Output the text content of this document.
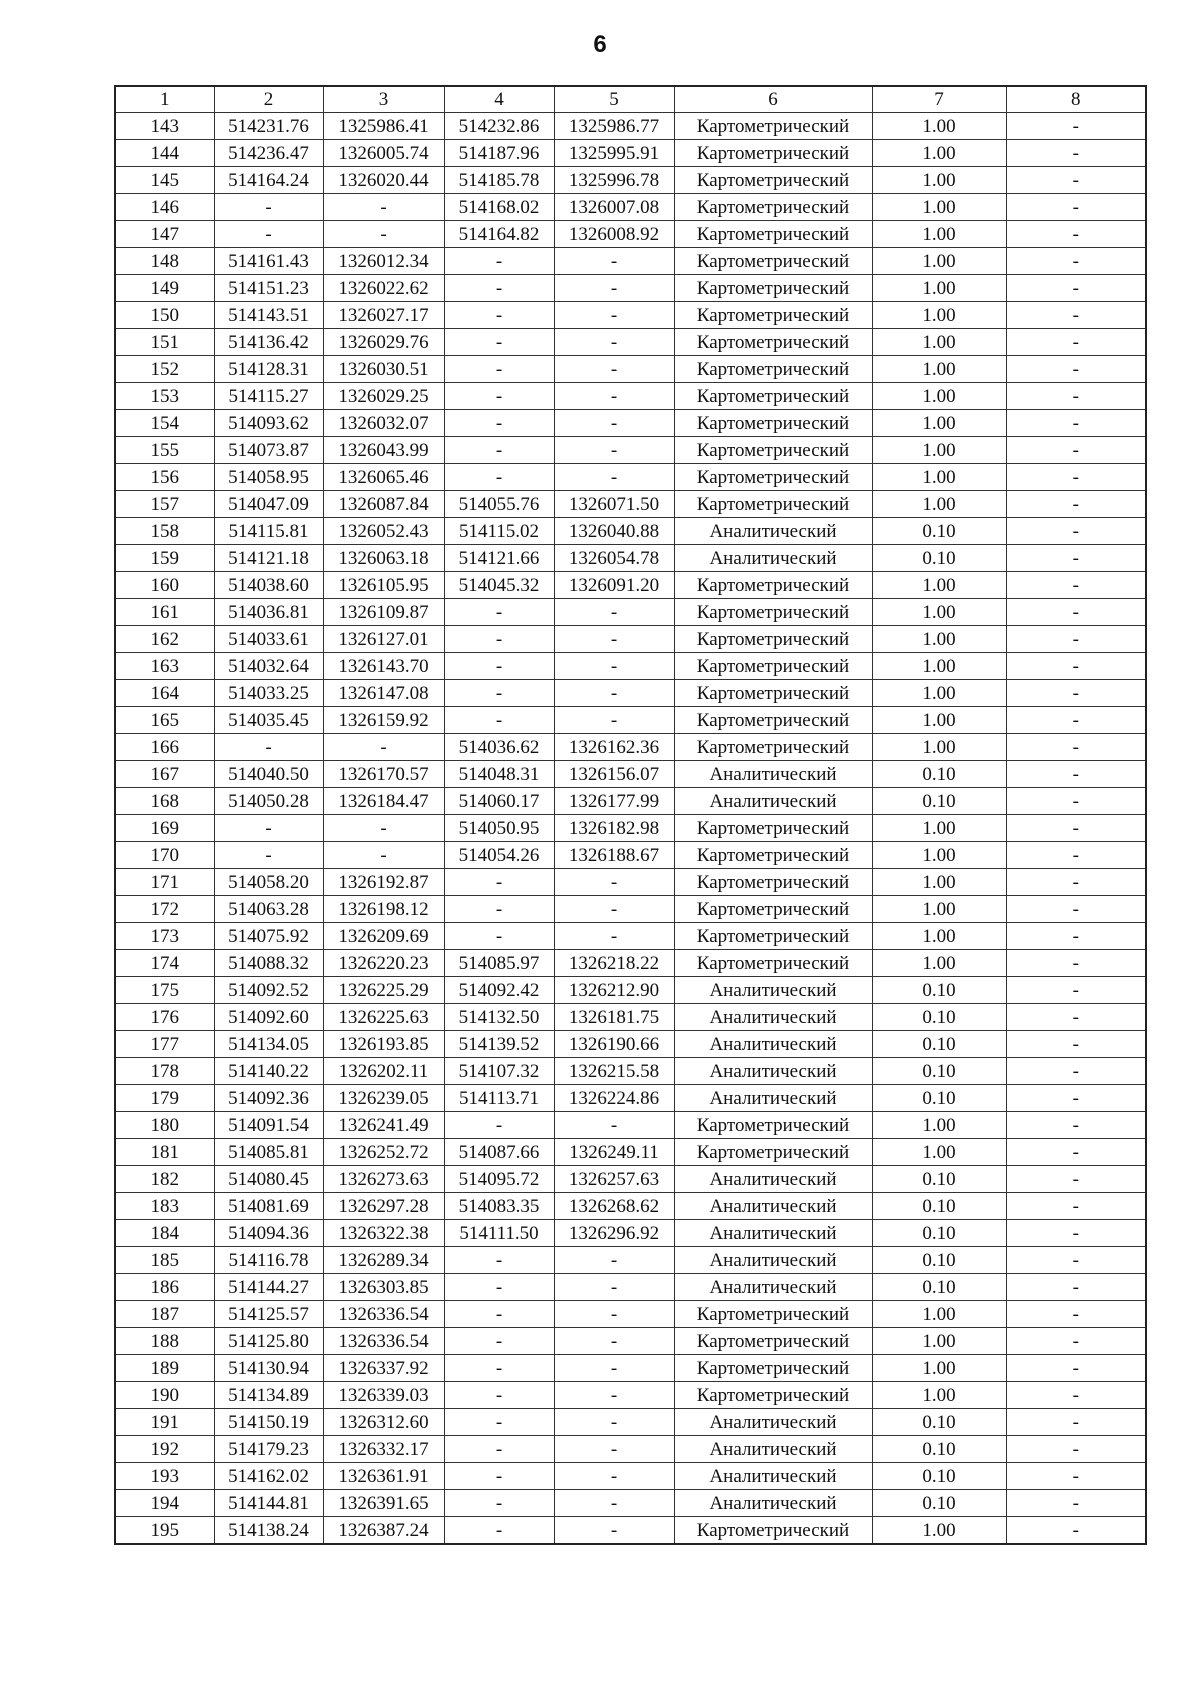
6
1	2	3	4	5	6	7	8
143	514231.76	1325986.41	514232.86	1325986.77	Картометрический	1.00	-
144	514236.47	1326005.74	514187.96	1325995.91	Картометрический	1.00	-
145	514164.24	1326020.44	514185.78	1325996.78	Картометрический	1.00	-
146	-	-	514168.02	1326007.08	Картометрический	1.00	-
147	-	-	514164.82	1326008.92	Картометрический	1.00	-
148	514161.43	1326012.34	-	-	Картометрический	1.00	-
149	514151.23	1326022.62	-	-	Картометрический	1.00	-
150	514143.51	1326027.17	-	-	Картометрический	1.00	-
151	514136.42	1326029.76	-	-	Картометрический	1.00	-
152	514128.31	1326030.51	-	-	Картометрический	1.00	-
153	514115.27	1326029.25	-	-	Картометрический	1.00	-
154	514093.62	1326032.07	-	-	Картометрический	1.00	-
155	514073.87	1326043.99	-	-	Картометрический	1.00	-
156	514058.95	1326065.46	-	-	Картометрический	1.00	-
157	514047.09	1326087.84	514055.76	1326071.50	Картометрический	1.00	-
158	514115.81	1326052.43	514115.02	1326040.88	Аналитический	0.10	-
159	514121.18	1326063.18	514121.66	1326054.78	Аналитический	0.10	-
160	514038.60	1326105.95	514045.32	1326091.20	Картометрический	1.00	-
161	514036.81	1326109.87	-	-	Картометрический	1.00	-
162	514033.61	1326127.01	-	-	Картометрический	1.00	-
163	514032.64	1326143.70	-	-	Картометрический	1.00	-
164	514033.25	1326147.08	-	-	Картометрический	1.00	-
165	514035.45	1326159.92	-	-	Картометрический	1.00	-
166	-	-	514036.62	1326162.36	Картометрический	1.00	-
167	514040.50	1326170.57	514048.31	1326156.07	Аналитический	0.10	-
168	514050.28	1326184.47	514060.17	1326177.99	Аналитический	0.10	-
169	-	-	514050.95	1326182.98	Картометрический	1.00	-
170	-	-	514054.26	1326188.67	Картометрический	1.00	-
171	514058.20	1326192.87	-	-	Картометрический	1.00	-
172	514063.28	1326198.12	-	-	Картометрический	1.00	-
173	514075.92	1326209.69	-	-	Картометрический	1.00	-
174	514088.32	1326220.23	514085.97	1326218.22	Картометрический	1.00	-
175	514092.52	1326225.29	514092.42	1326212.90	Аналитический	0.10	-
176	514092.60	1326225.63	514132.50	1326181.75	Аналитический	0.10	-
177	514134.05	1326193.85	514139.52	1326190.66	Аналитический	0.10	-
178	514140.22	1326202.11	514107.32	1326215.58	Аналитический	0.10	-
179	514092.36	1326239.05	514113.71	1326224.86	Аналитический	0.10	-
180	514091.54	1326241.49	-	-	Картометрический	1.00	-
181	514085.81	1326252.72	514087.66	1326249.11	Картометрический	1.00	-
182	514080.45	1326273.63	514095.72	1326257.63	Аналитический	0.10	-
183	514081.69	1326297.28	514083.35	1326268.62	Аналитический	0.10	-
184	514094.36	1326322.38	514111.50	1326296.92	Аналитический	0.10	-
185	514116.78	1326289.34	-	-	Аналитический	0.10	-
186	514144.27	1326303.85	-	-	Аналитический	0.10	-
187	514125.57	1326336.54	-	-	Картометрический	1.00	-
188	514125.80	1326336.54	-	-	Картометрический	1.00	-
189	514130.94	1326337.92	-	-	Картометрический	1.00	-
190	514134.89	1326339.03	-	-	Картометрический	1.00	-
191	514150.19	1326312.60	-	-	Аналитический	0.10	-
192	514179.23	1326332.17	-	-	Аналитический	0.10	-
193	514162.02	1326361.91	-	-	Аналитический	0.10	-
194	514144.81	1326391.65	-	-	Аналитический	0.10	-
195	514138.24	1326387.24	-	-	Картометрический	1.00	-
